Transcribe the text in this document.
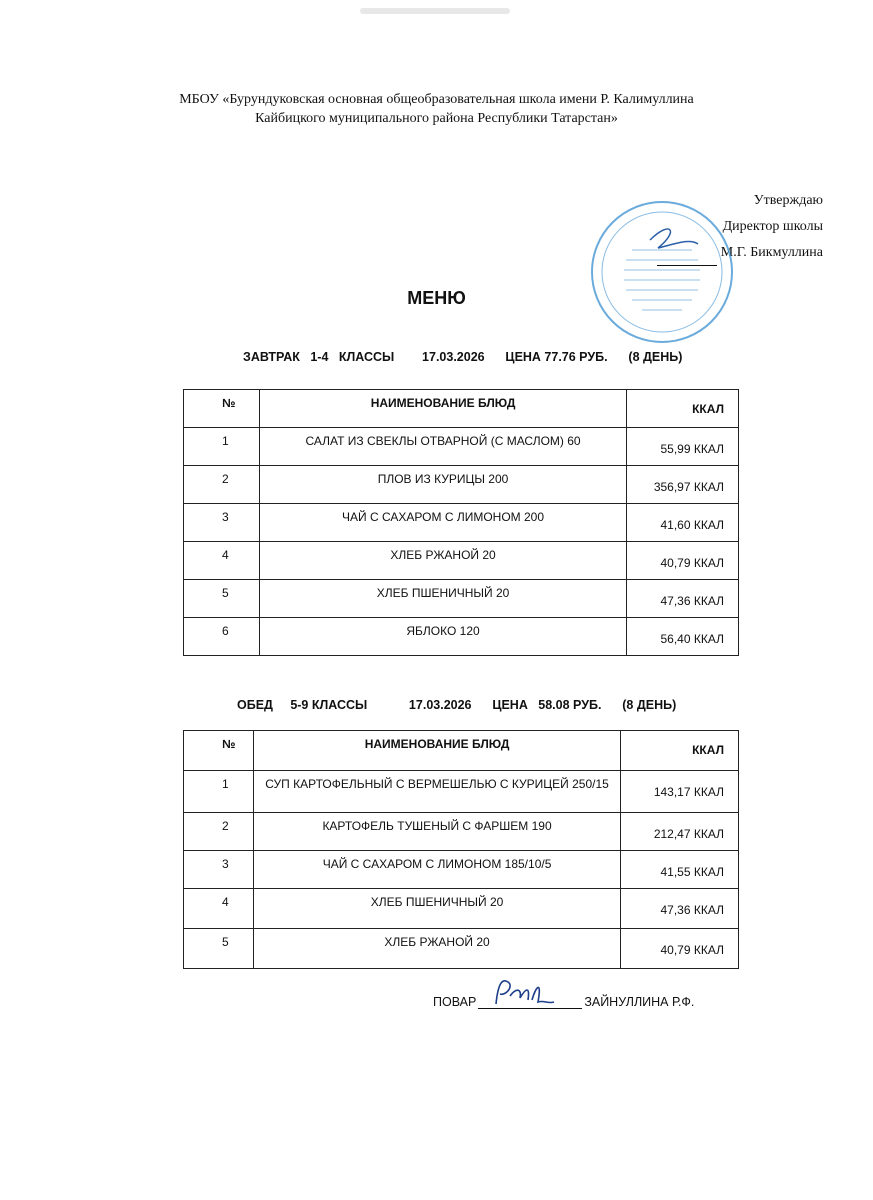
МБОУ «Бурундуковская основная общеобразовательная школа имени Р. Калимуллина
Кайбицкого муниципального района Республики Татарстан»
Утверждаю
Директор школы
М.Г. Бикмуллина
МЕНЮ
ЗАВТРАК   1-4   КЛАССЫ        17.03.2026      ЦЕНА 77.76 РУБ.      (8 ДЕНЬ)
№	НАИМЕНОВАНИЕ БЛЮД	ККАЛ
1	САЛАТ ИЗ СВЕКЛЫ ОТВАРНОЙ (С МАСЛОМ) 60	55,99 ККАЛ
2	ПЛОВ ИЗ КУРИЦЫ 200	356,97 ККАЛ
3	ЧАЙ С САХАРОМ С ЛИМОНОМ 200	41,60 ККАЛ
4	ХЛЕБ РЖАНОЙ 20	40,79 ККАЛ
5	ХЛЕБ ПШЕНИЧНЫЙ 20	47,36 ККАЛ
6	ЯБЛОКО 120	56,40 ККАЛ
ОБЕД     5-9 КЛАССЫ            17.03.2026      ЦЕНА   58.08 РУБ.      (8 ДЕНЬ)
№	НАИМЕНОВАНИЕ БЛЮД	ККАЛ
1	СУП КАРТОФЕЛЬНЫЙ С ВЕРМЕШЕЛЬЮ С КУРИЦЕЙ 250/15	143,17 ККАЛ
2	КАРТОФЕЛЬ ТУШЕНЫЙ С ФАРШЕМ 190	212,47 ККАЛ
3	ЧАЙ С САХАРОМ С ЛИМОНОМ 185/10/5	41,55 ККАЛ
4	ХЛЕБ ПШЕНИЧНЫЙ 20	47,36 ККАЛ
5	ХЛЕБ РЖАНОЙ 20	40,79 ККАЛ
ПОВАР	ЗАЙНУЛЛИНА Р.Ф.
